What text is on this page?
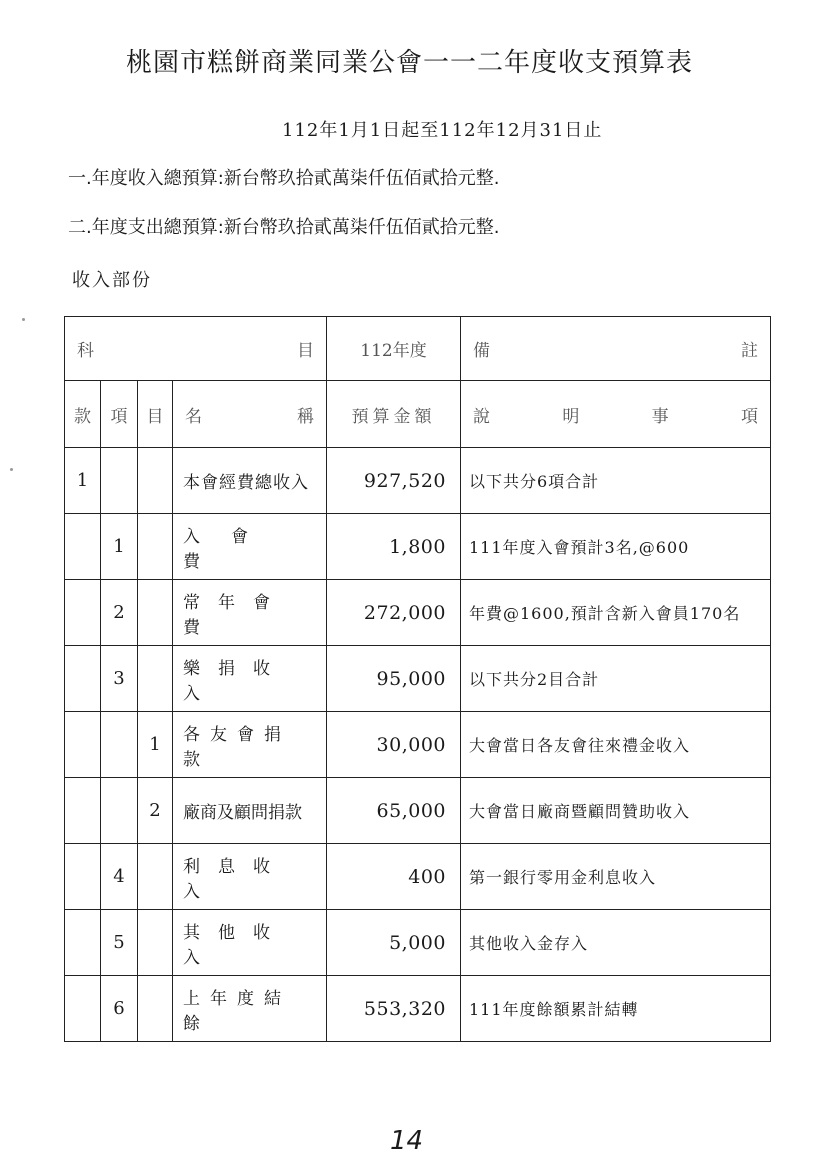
桃園市糕餅商業同業公會一一二年度收支預算表
112年1月1日起至112年12月31日止
一.年度收入總預算:新台幣玖拾貳萬柒仟伍佰貳拾元整.
二.年度支出總預算:新台幣玖拾貳萬柒仟伍佰貳拾元整.
收入部份
科 目				112年度	備 註

款	項	目	名 稱	預算金額	說 明 事 項

1			本會經費總收入	927,520	以下共分6項合計
	1		入會費	1,800	111年度入會預計3名,@600
	2		常年會費	272,000	年費@1600,預計含新入會員170名
	3		樂捐收入	95,000	以下共分2目合計
		1	各友會捐款	30,000	大會當日各友會往來禮金收入
		2	廠商及顧問捐款	65,000	大會當日廠商暨顧問贊助收入
	4		利息收入	400	第一銀行零用金利息收入
	5		其他收入	5,000	其他收入金存入
	6		上年度結餘	553,320	111年度餘額累計結轉
14
